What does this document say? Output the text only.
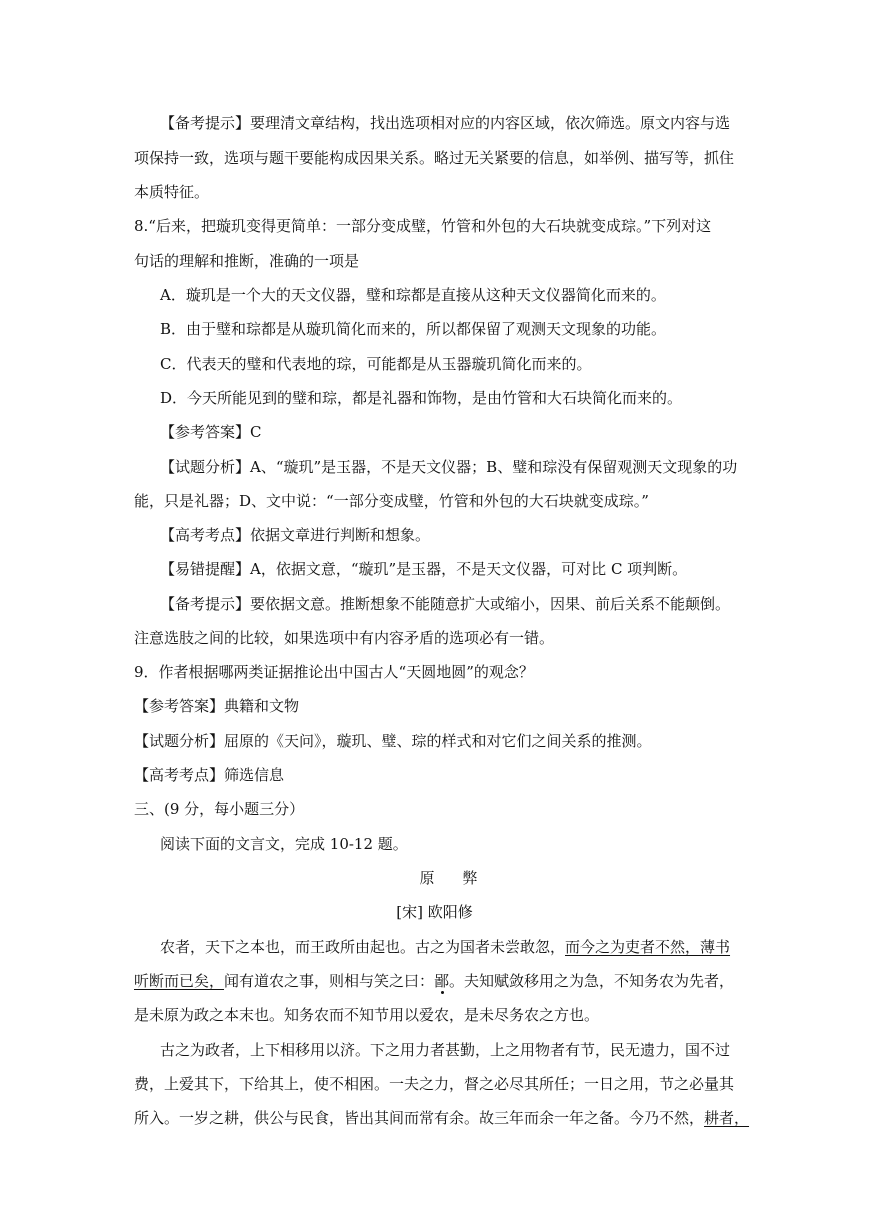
【备考提示】要理清文章结构，找出选项相对应的内容区域，依次筛选。原文内容与选
项保持一致，选项与题干要能构成因果关系。略过无关紧要的信息，如举例、描写等，抓住
本质特征。
8.“后来，把璇玑变得更简单：一部分变成璧，竹管和外包的大石块就变成琮。”下列对这
句话的理解和推断，准确的一项是
A．璇玑是一个大的天文仪器，璧和琮都是直接从这种天文仪器简化而来的。
B．由于璧和琮都是从璇玑简化而来的，所以都保留了观测天文现象的功能。
C．代表天的璧和代表地的琮，可能都是从玉器璇玑简化而来的。
D．今天所能见到的璧和琮，都是礼器和饰物，是由竹管和大石块简化而来的。
【参考答案】C
【试题分析】A、“璇玑”是玉器，不是天文仪器；B、璧和琮没有保留观测天文现象的功
能，只是礼器；D、文中说：“一部分变成璧，竹管和外包的大石块就变成琮。”
【高考考点】依据文章进行判断和想象。
【易错提醒】A，依据文意，“璇玑”是玉器，不是天文仪器，可对比 C 项判断。
【备考提示】要依据文意。推断想象不能随意扩大或缩小，因果、前后关系不能颠倒。
注意选肢之间的比较，如果选项中有内容矛盾的选项必有一错。
9．作者根据哪两类证据推论出中国古人“天圆地圆”的观念？
【参考答案】典籍和文物
【试题分析】屈原的《天问》，璇玑、璧、琮的样式和对它们之间关系的推测。
【高考考点】筛选信息
三、(9 分，每小题三分）
阅读下面的文言文，完成 10-12 题。
原弊
[宋] 欧阳修
农者，天下之本也，而王政所由起也。古之为国者未尝敢忽，而今之为吏者不然，薄书
听断而已矣，闻有道农之事，则相与笑之曰：鄙。夫知赋敛移用之为急，不知务农为先者，
是未原为政之本末也。知务农而不知节用以爱农，是未尽务农之方也。
古之为政者，上下相移用以济。下之用力者甚勤，上之用物者有节，民无遗力，国不过
费，上爱其下，下给其上，使不相困。一夫之力，督之必尽其所任；一日之用，节之必量其
所入。一岁之耕，供公与民食，皆出其间而常有余。故三年而余一年之备。今乃不然，耕者，
